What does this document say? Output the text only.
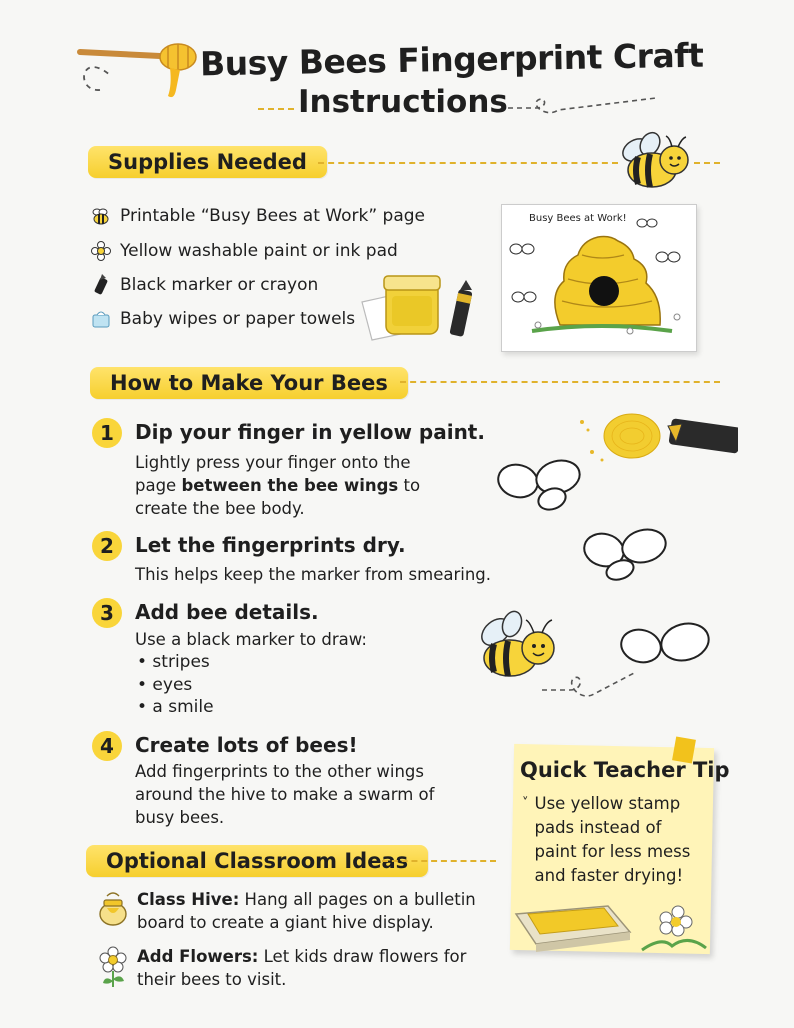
Busy Bees Fingerprint Craft
Instructions
Supplies Needed
Printable “Busy Bees at Work” page
Yellow washable paint or ink pad
Black marker or crayon
Baby wipes or paper towels
Busy Bees at Work!
How to Make Your Bees
1	Dip your finger in yellow paint.
Lightly press your finger onto the page between the bee wings to create the bee body.
2	Let the fingerprints dry.
This helps keep the marker from smearing.
3	Add bee details.
Use a black marker to draw:
• stripes
• eyes
• a smile
4	Create lots of bees!
Add fingerprints to the other wings around the hive to make a swarm of busy bees.
Quick Teacher Tip
˅ Use yellow stamp pads instead of paint for less mess and faster drying!
Optional Classroom Ideas
Class Hive: Hang all pages on a bulletin board to create a giant hive display.
Add Flowers: Let kids draw flowers for their bees to visit.
